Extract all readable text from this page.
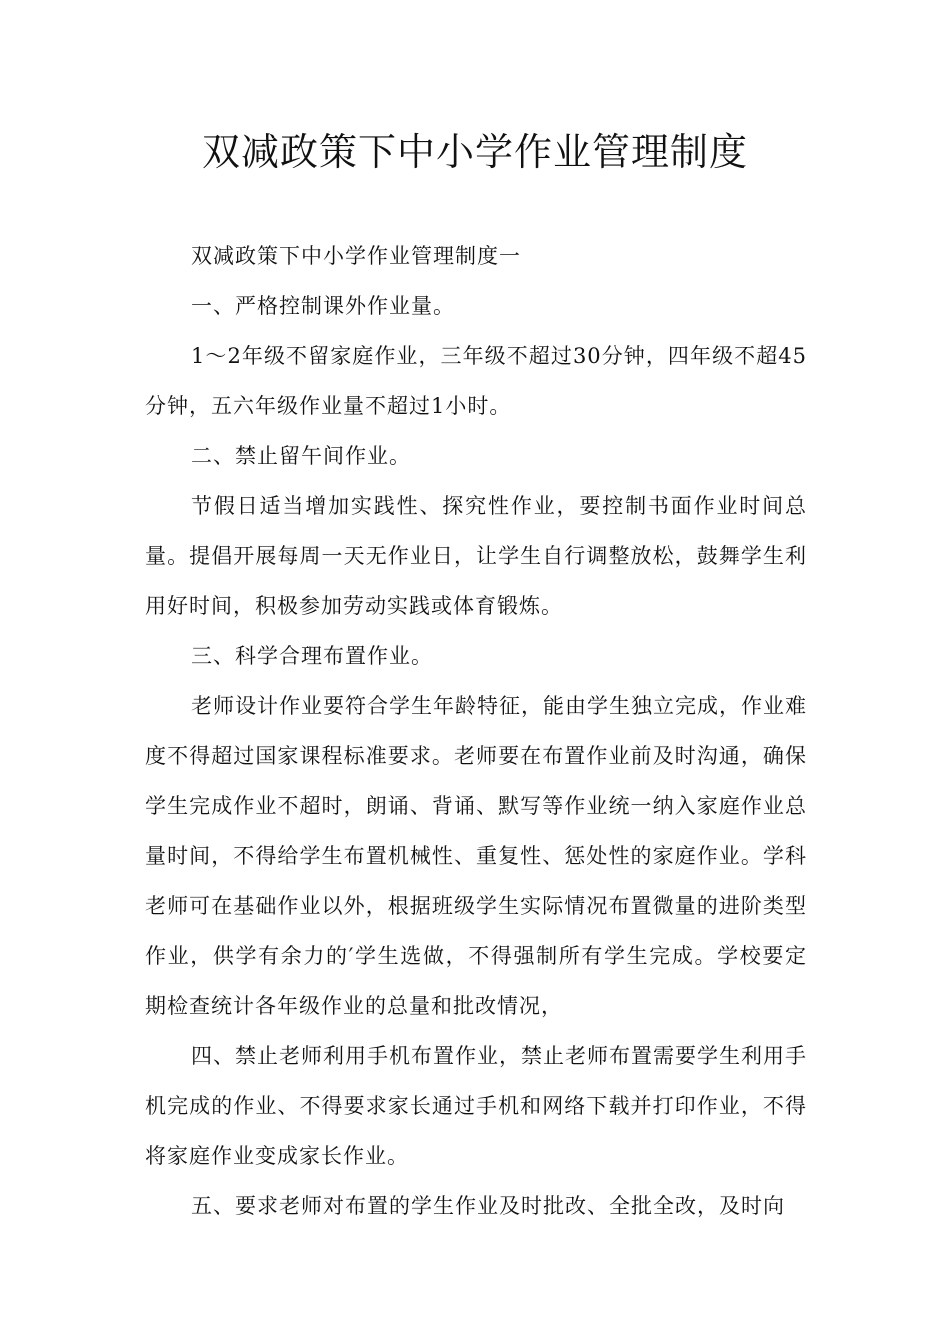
双减政策下中小学作业管理制度

双减政策下中小学作业管理制度一

一、严格控制课外作业量。

1～2年级不留家庭作业，三年级不超过30分钟，四年级不超45分钟，五六年级作业量不超过1小时。

二、禁止留午间作业。

节假日适当增加实践性、探究性作业，要控制书面作业时间总量。提倡开展每周一天无作业日，让学生自行调整放松，鼓舞学生利用好时间，积极参加劳动实践或体育锻炼。

三、科学合理布置作业。

老师设计作业要符合学生年龄特征，能由学生独立完成，作业难度不得超过国家课程标准要求。老师要在布置作业前及时沟通，确保学生完成作业不超时，朗诵、背诵、默写等作业统一纳入家庭作业总量时间，不得给学生布置机械性、重复性、惩处性的家庭作业。学科老师可在基础作业以外，根据班级学生实际情况布置微量的进阶类型作业，供学有余力的′学生选做，不得强制所有学生完成。学校要定期检查统计各年级作业的总量和批改情况，

四、禁止老师利用手机布置作业，禁止老师布置需要学生利用手机完成的作业、不得要求家长通过手机和网络下载并打印作业，不得将家庭作业变成家长作业。

五、要求老师对布置的学生作业及时批改、全批全改，及时向
